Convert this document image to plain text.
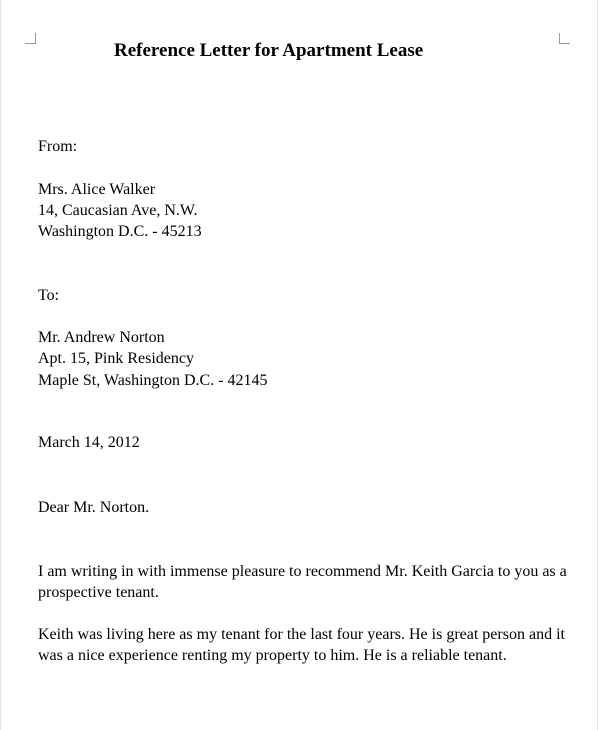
Reference Letter for Apartment Lease

From:

Mrs. Alice Walker

14, Caucasian Ave, N.W.

Washington D.C. - 45213

To:

Mr. Andrew Norton

Apt. 15, Pink Residency

Maple St, Washington D.C. - 42145

March 14, 2012

Dear Mr. Norton.

I am writing in with immense pleasure to recommend Mr. Keith Garcia to you as a prospective tenant.

Keith was living here as my tenant for the last four years. He is great person and it was a nice experience renting my property to him. He is a reliable tenant.
